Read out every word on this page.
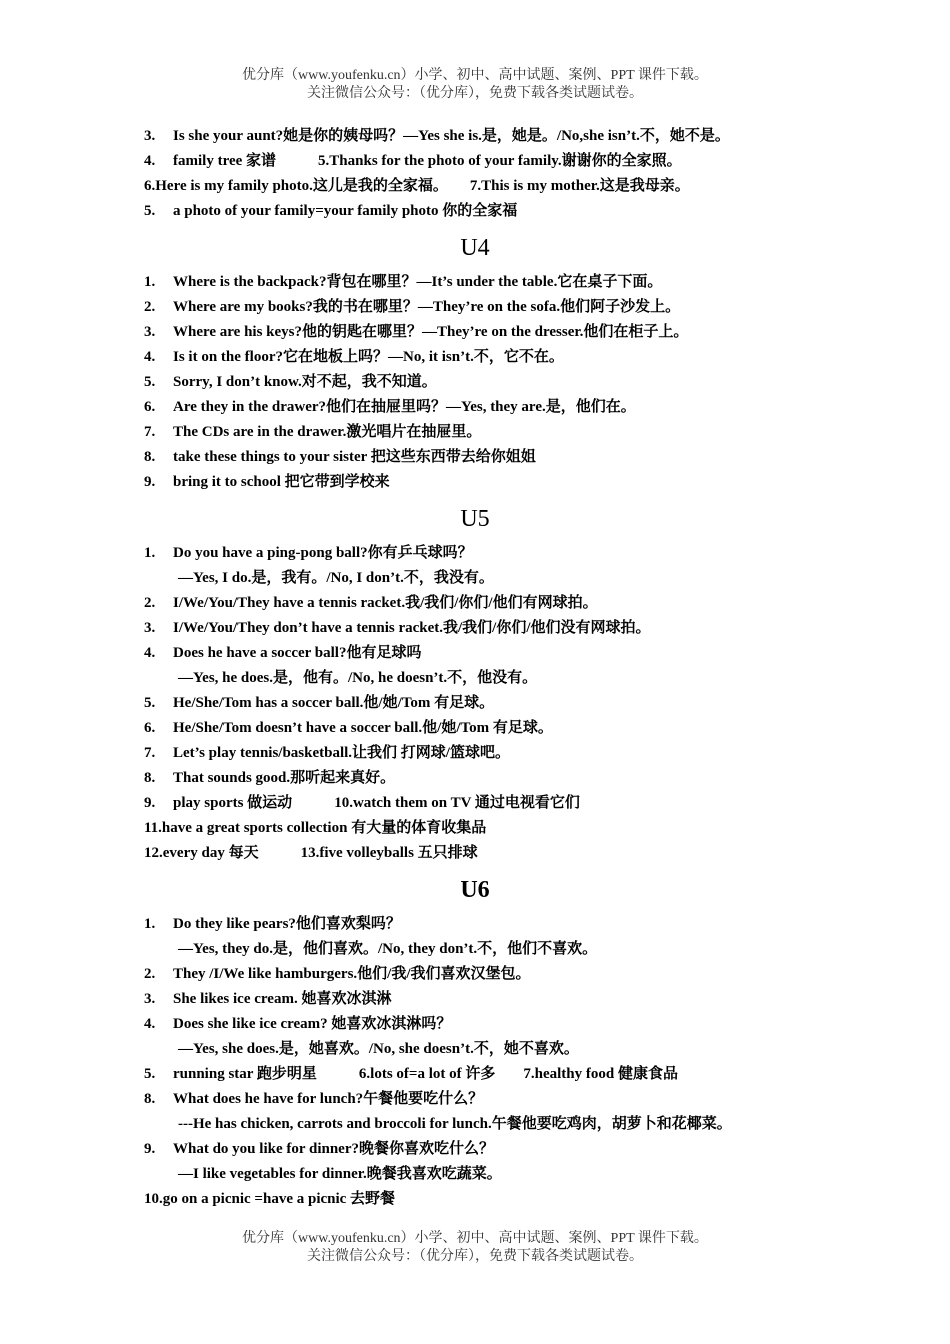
优分库（www.youfenku.cn）小学、初中、高中试题、案例、PPT 课件下载。
关注微信公众号：（优分库），免费下载各类试题试卷。
3. Is she your aunt?她是你的姨母吗？—Yes she is.是，她是。/No,she isn’t.不，她不是。
4. family tree 家谱	5.Thanks for the photo of your family.谢谢你的全家照。
6.Here is my family photo.这儿是我的全家福。 7.This is my mother.这是我母亲。
5. a photo of your family=your family photo 你的全家福
U4
1. Where is the backpack?背包在哪里？—It’s under the table.它在桌子下面。
2. Where are my books?我的书在哪里？—They’re on the sofa.他们阿子沙发上。
3. Where are his keys?他的钥匙在哪里？—They’re on the dresser.他们在柜子上。
4. Is it on the floor?它在地板上吗？—No, it isn’t.不，它不在。
5. Sorry, I don’t know.对不起，我不知道。
6. Are they in the drawer?他们在抽屉里吗？—Yes, they are.是，他们在。
7. The CDs are in the drawer.激光唱片在抽屉里。
8. take these things to your sister 把这些东西带去给你姐姐
9. bring it to school 把它带到学校来
U5
1. Do you have a ping-pong ball?你有乒乓球吗？
—Yes, I do.是，我有。/No, I don’t.不，我没有。
2. I/We/You/They have a tennis racket.我/我们/你们/他们有网球拍。
3. I/We/You/They don’t have a tennis racket.我/我们/你们/他们没有网球拍。
4. Does he have a soccer ball?他有足球吗
—Yes, he does.是，他有。/No, he doesn’t.不，他没有。
5. He/She/Tom has a soccer ball.他/她/Tom 有足球。
6. He/She/Tom doesn’t have a soccer ball.他/她/Tom 有足球。
7. Let’s play tennis/basketball.让我们 打网球/篮球吧。
8. That sounds good.那听起来真好。
9. play sports 做运动	10.watch them on TV 通过电视看它们
11.have a great sports collection 有大量的体育收集品
12.every day 每天	13.five volleyballs 五只排球
U6
1. Do they like pears?他们喜欢梨吗？
—Yes, they do.是，他们喜欢。/No, they don’t.不，他们不喜欢。
2. They /I/We like hamburgers.他们/我/我们喜欢汉堡包。
3. She likes ice cream. 她喜欢冰淇淋
4. Does she like ice cream? 她喜欢冰淇淋吗？
—Yes, she does.是，她喜欢。/No, she doesn’t.不，她不喜欢。
5. running star 跑步明星	6.lots of=a lot of 许多 7.healthy food 健康食品
8. What does he have for lunch?午餐他要吃什么？
---He has chicken, carrots and broccoli for lunch.午餐他要吃鸡肉，胡萝卜和花椰菜。
9. What do you like for dinner?晚餐你喜欢吃什么？
—I like vegetables for dinner.晚餐我喜欢吃蔬菜。
10.go on a picnic =have a picnic 去野餐
优分库（www.youfenku.cn）小学、初中、高中试题、案例、PPT 课件下载。
关注微信公众号：（优分库），免费下载各类试题试卷。
